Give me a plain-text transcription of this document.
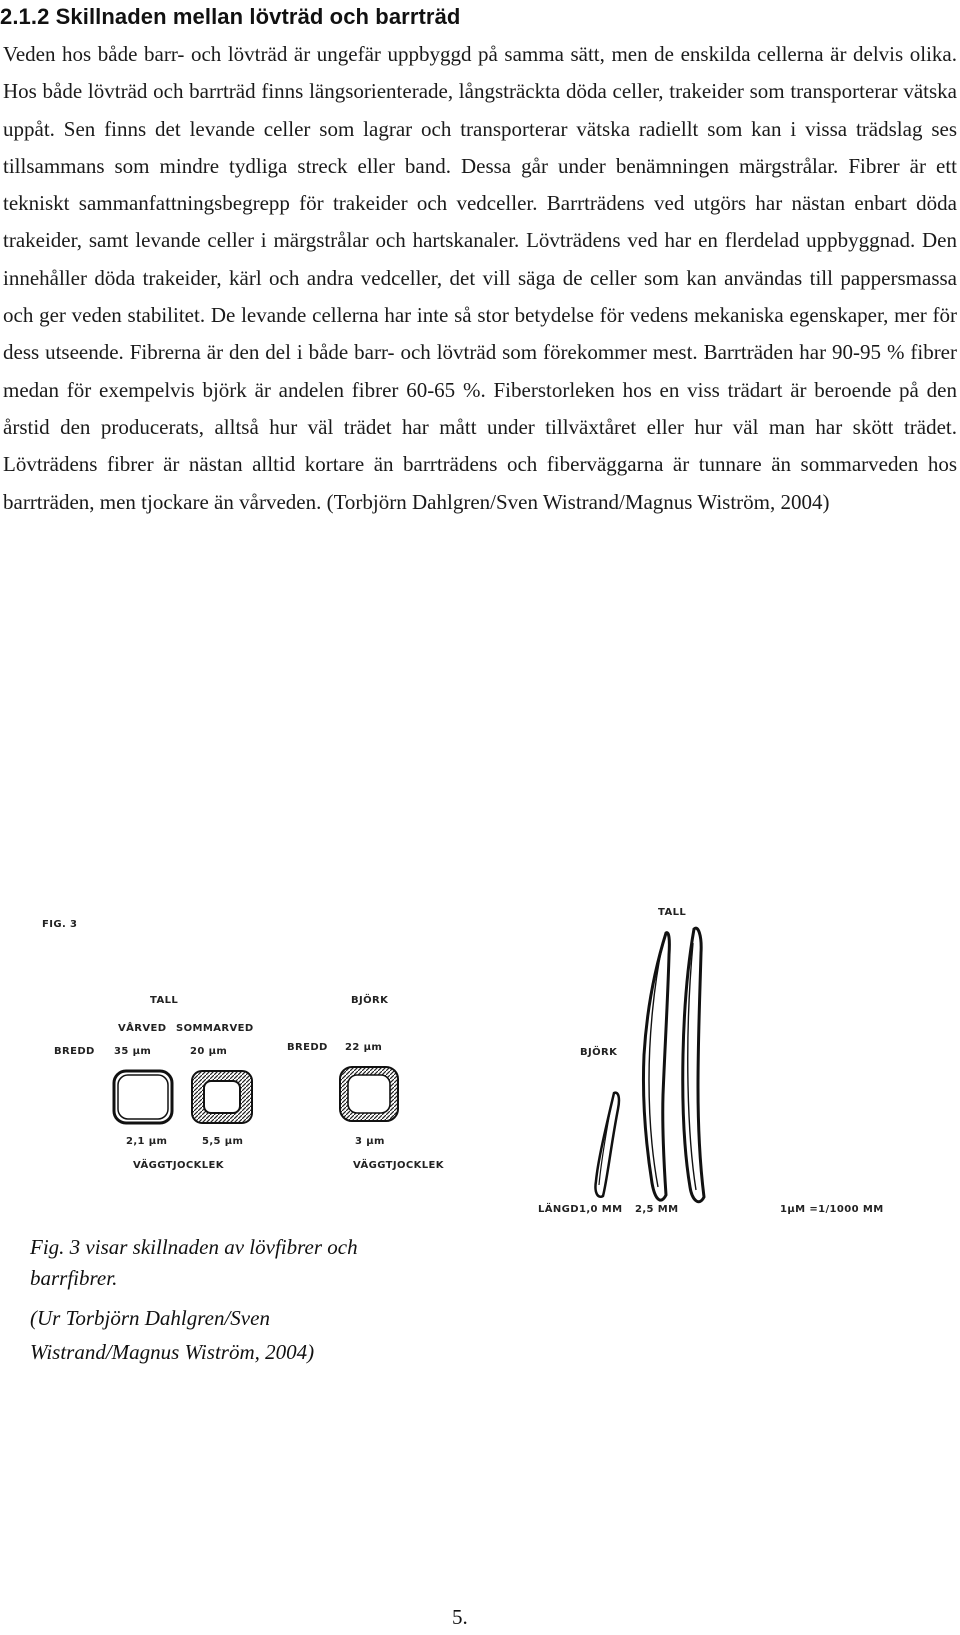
2.1.2 Skillnaden mellan lövträd och barrträd

Veden hos både barr- och lövträd är ungefär uppbyggd på samma sätt, men de enskilda cellerna är delvis olika. Hos både lövträd och barrträd finns längsorienterade, långsträckta döda celler, trakeider som transporterar vätska uppåt. Sen finns det levande celler som lagrar och transporterar vätska radiellt som kan i vissa trädslag ses tillsammans som mindre tydliga streck eller band. Dessa går under benämningen märgstrålar. Fibrer är ett tekniskt sammanfattningsbegrepp för trakeider och vedceller. Barrträdens ved utgörs har nästan enbart döda trakeider, samt levande celler i märgstrålar och hartskanaler. Lövträdens ved har en flerdelad uppbyggnad. Den innehåller döda trakeider, kärl och andra vedceller, det vill säga de celler som kan användas till pappersmassa och ger veden stabilitet. De levande cellerna har inte så stor betydelse för vedens mekaniska egenskaper, mer för dess utseende. Fibrerna är den del i både barr- och lövträd som förekommer mest. Barrträden har 90-95 % fibrer medan för exempelvis björk är andelen fibrer 60-65 %. Fiberstorleken hos en viss trädart är beroende på den årstid den producerats, alltså hur väl trädet har mått under tillväxtåret eller hur väl man har skött trädet. Lövträdens fibrer är nästan alltid kortare än barrträdens och fiberväggarna är tunnare än sommarveden hos barrträden, men tjockare än vårveden. (Torbjörn Dahlgren/Sven Wistrand/Magnus Wiström, 2004)

FIG. 3
TALL
VÅRVED SOMMARVED
BREDD 35 μm	20 μm
2,1 μm	5,5 μm
VÄGGTJOCKLEK
BJÖRK
BREDD 22 μm
3 μm
VÄGGTJOCKLEK
TALL
BJÖRK
LÄNGD1,0 MM 2,5 MM	1μM =1/1000 MM

Fig. 3 visar skillnaden av lövfibrer och barrfibrer.

(Ur Torbjörn Dahlgren/Sven Wistrand/Magnus Wiström, 2004)

5.
